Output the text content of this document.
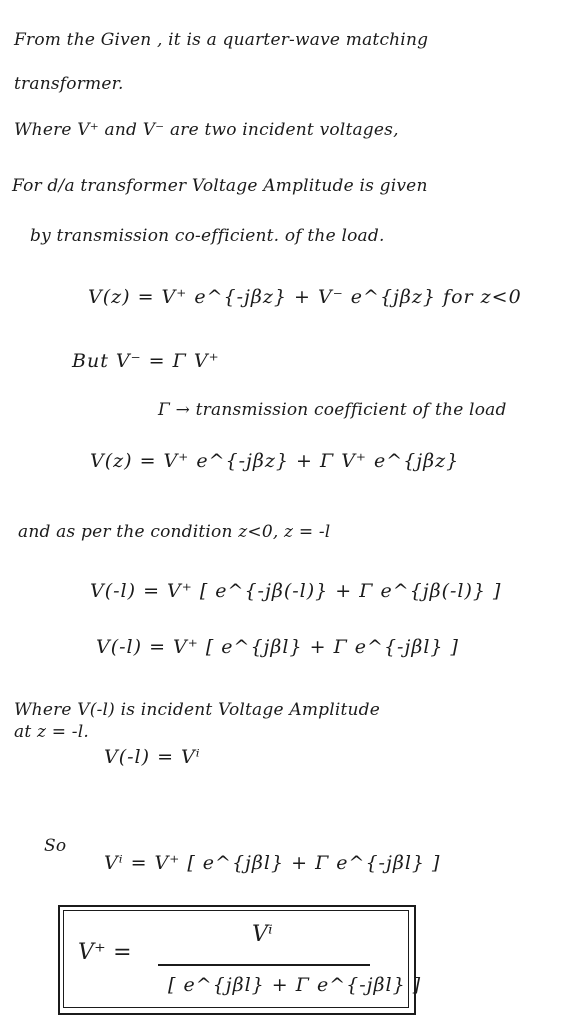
From the Given , it is a quarter-wave matching
transformer.
Where V⁺ and V⁻ are two incident voltages,
For d/a transformer Voltage Amplitude is given
by transmission co-efficient. of the load.
V(z) = V⁺ e^{-jβz} + V⁻ e^{jβz} for z<0
But V⁻ = Γ V⁺
Γ → transmission coefficient of the load
V(z) = V⁺ e^{-jβz} + Γ V⁺ e^{jβz}
and as per the condition z<0, z = -l
V(-l) = V⁺ [ e^{-jβ(-l)} + Γ e^{jβ(-l)} ]
V(-l) = V⁺ [ e^{jβl} + Γ e^{-jβl} ]
Where V(-l) is incident Voltage Amplitude
at z = -l.
V(-l) = Vⁱ
So
Vⁱ = V⁺ [ e^{jβl} + Γ e^{-jβl} ]
V⁺ =
Vⁱ
[ e^{jβl} + Γ e^{-jβl} ]
